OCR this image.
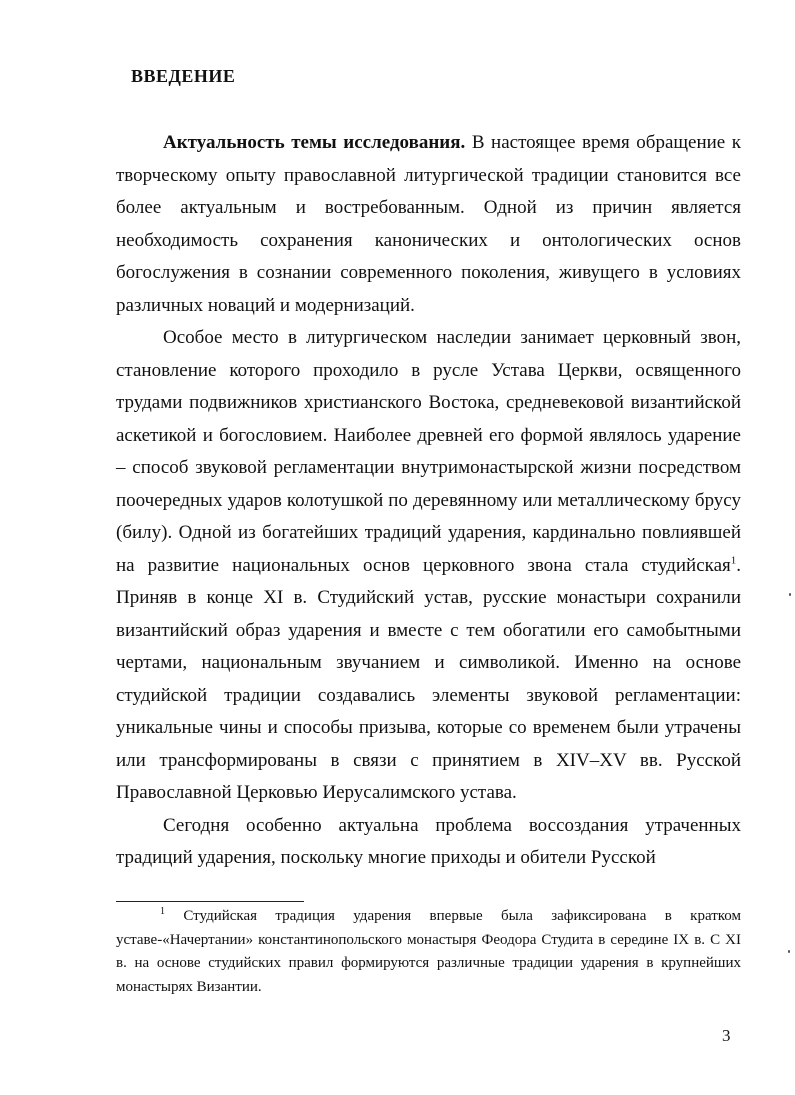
ВВЕДЕНИЕ

Актуальность темы исследования. В настоящее время обращение к творческому опыту православной литургической традиции становится все более актуальным и востребованным. Одной из причин является необходимость сохранения канонических и онтологических основ богослужения в сознании современного поколения, живущего в условиях различных новаций и модернизаций.

Особое место в литургическом наследии занимает церковный звон, становление которого проходило в русле Устава Церкви, освященного трудами подвижников христианского Востока, средневековой византийской аскетикой и богословием. Наиболее древней его формой являлось ударение – способ звуковой регламентации внутримонастырской жизни посредством поочередных ударов колотушкой по деревянному или металлическому брусу (билу). Одной из богатейших традиций ударения, кардинально повлиявшей на развитие национальных основ церковного звона стала студийская$^1$. Приняв в конце XI в. Студийский устав, русские монастыри сохранили византийский образ ударения и вместе с тем обогатили его самобытными чертами, национальным звучанием и символикой. Именно на основе студийской традиции создавались элементы звуковой регламентации: уникальные чины и способы призыва, которые со временем были утрачены или трансформированы в связи с принятием в XIV–XV вв. Русской Православной Церковью Иерусалимского устава.

Сегодня особенно актуальна проблема воссоздания утраченных традиций ударения, поскольку многие приходы и обители Русской

$^1$ Студийская традиция ударения впервые была зафиксирована в кратком уставе-«Начертании» константинопольского монастыря Феодора Студита в середине IX в. С XI в. на основе студийских правил формируются различные традиции ударения в крупнейших монастырях Византии.

3
